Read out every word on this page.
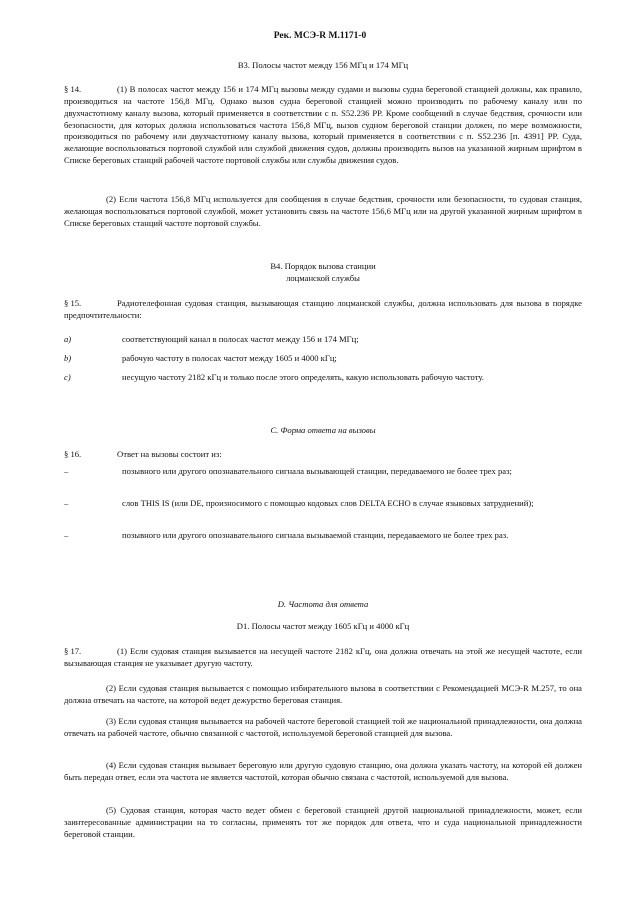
Рек. МСЭ-R M.1171-0
B3. Полосы частот между 156 МГц и 174 МГц
§ 14.	(1) В полосах частот между 156 и 174 МГц вызовы между судами и вызовы судна береговой станцией должны, как правило, производиться на частоте 156,8 МГц. Однако вызов судна береговой станцией можно производить по рабочему каналу или по двухчастотному каналу вызова, который применяется в соответствии с п. S52.236 РР. Кроме сообщений в случае бедствия, срочности или безопасности, для которых должна использоваться частота 156,8 МГц, вызов судном береговой станции должен, по мере возможности, производиться по рабочему или двухчастотному каналу вызова, который применяется в соответствии с п. S52.236 [п. 4391] РР. Суда, желающие воспользоваться портовой службой или службой движения судов, должны производить вызов на указанной жирным шрифтом в Списке береговых станций рабочей частоте портовой службы или службы движения судов.

(2) Если частота 156,8 МГц используется для сообщения в случае бедствия, срочности или безопасности, то судовая станция, желающая воспользоваться портовой службой, может установить связь на частоте 156,6 МГц или на другой указанной жирным шрифтом в Списке береговых станций частоте портовой службы.

B4. Порядок вызова станции
лоцманской службы
§ 15.	Радиотелефонная судовая станция, вызывающая станцию лоцманской службы, должна использовать для вызова в порядке предпочтительности:

a)	соответствующий канал в полосах частот между 156 и 174 МГц;
b)	рабочую частоту в полосах частот между 1605 и 4000 кГц;
c)	несущую частоту 2182 кГц и только после этого определять, какую использовать рабочую частоту.
C. Форма ответа на вызовы
§ 16.	Ответ на вызовы состоит из:

–	позывного или другого опознавательного сигнала вызывающей станции, передаваемого не более трех раз;
–	слов THIS IS (или DE, произносимого с помощью кодовых слов DELTA ECHO в случае языковых затруднений);
–	позывного или другого опознавательного сигнала вызываемой станции, передаваемого не более трех раз.
D. Частота для ответа
D1. Полосы частот между 1605 кГц и 4000 кГц
§ 17.	(1) Если судовая станция вызывается на несущей частоте 2182 кГц, она должна отвечать на этой же несущей частоте, если вызывающая станция не указывает другую частоту.

(2) Если судовая станция вызывается с помощью избирательного вызова в соответствии с Рекомендацией МСЭ-R M.257, то она должна отвечать на частоте, на которой ведет дежурство береговая станция.

(3) Если судовая станция вызывается на рабочей частоте береговой станцией той же национальной принадлежности, она должна отвечать на рабочей частоте, обычно связанной с частотой, используемой береговой станцией для вызова.

(4) Если судовая станция вызывает береговую или другую судовую станцию, она должна указать частоту, на которой ей должен быть передан ответ, если эта частота не является частотой, которая обычно связана с частотой, используемой для вызова.

(5) Судовая станция, которая часто ведет обмен с береговой станцией другой национальной принадлежности, может, если заинтересованные администрации на то согласны, применять тот же порядок для ответа, что и суда национальной принадлежности береговой станции.
